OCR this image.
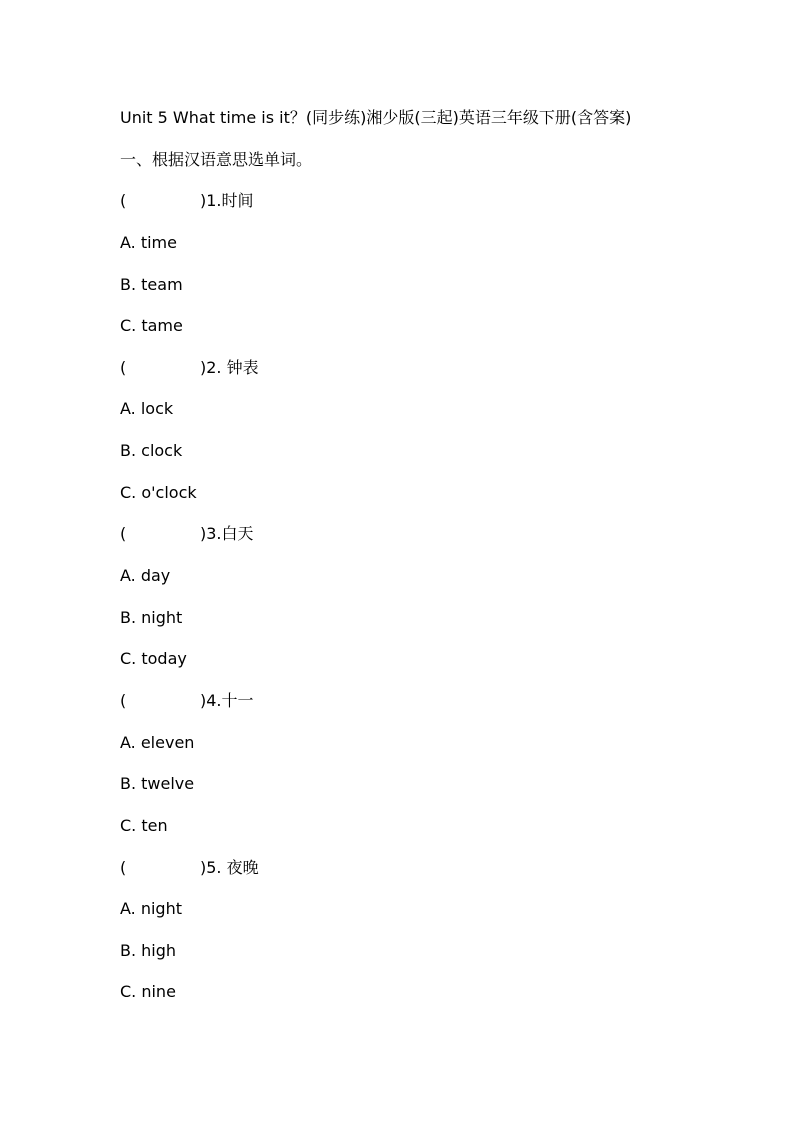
Unit 5 What time is it？(同步练)湘少版(三起)英语三年级下册(含答案)
一、根据汉语意思选单词。
(	) 1.时间
A. time
B. team
C. tame
(	) 2. 钟表
A. lock
B. clock
C. o'clock
(	) 3.白天
A. day
B. night
C. today
(	) 4.十一
A. eleven
B. twelve
C. ten
(	) 5. 夜晚
A. night
B. high
C. nine
